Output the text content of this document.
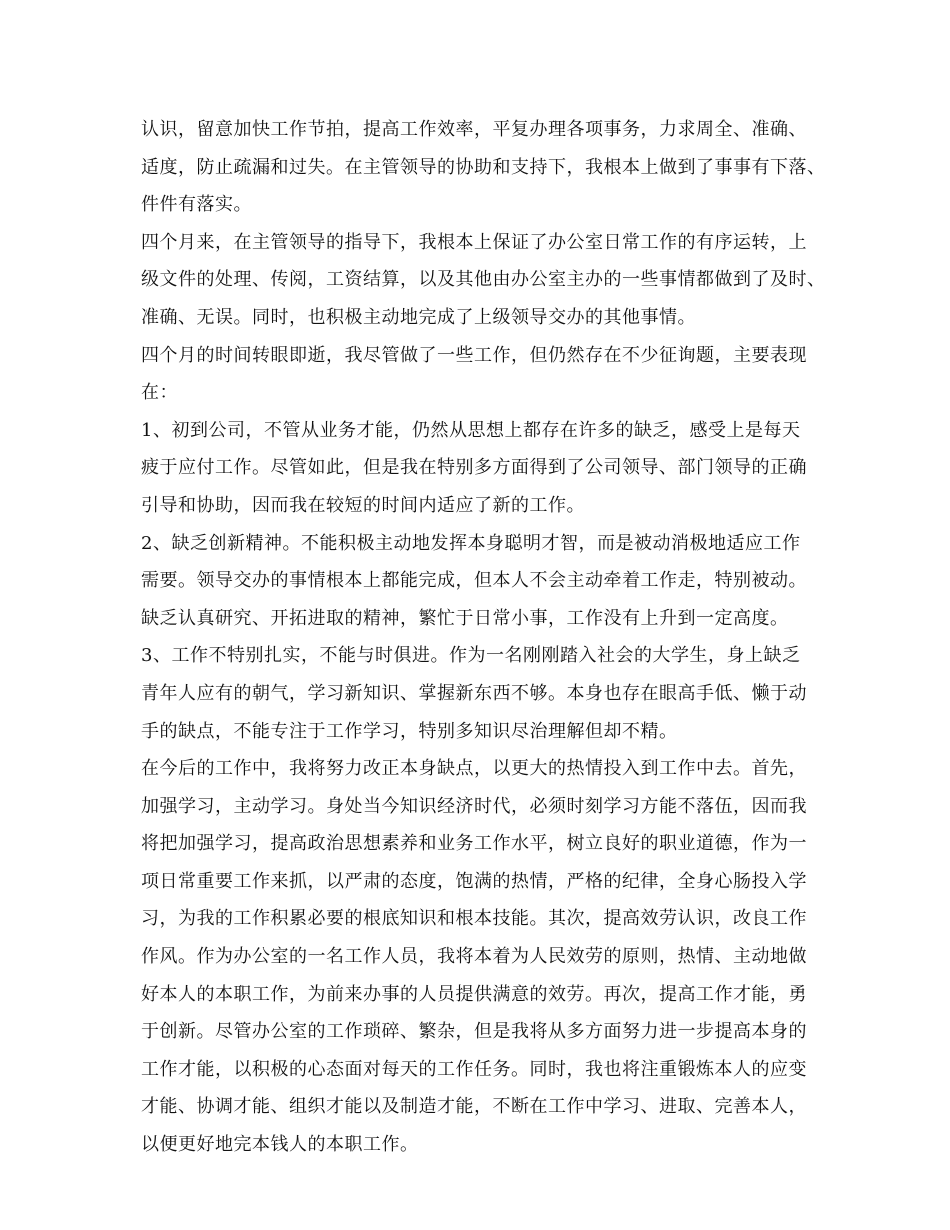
认识，留意加快工作节拍，提高工作效率，平复办理各项事务，力求周全、准确、
适度，防止疏漏和过失。在主管领导的协助和支持下，我根本上做到了事事有下落、
件件有落实。
四个月来，在主管领导的指导下，我根本上保证了办公室日常工作的有序运转，上
级文件的处理、传阅，工资结算，以及其他由办公室主办的一些事情都做到了及时、
准确、无误。同时，也积极主动地完成了上级领导交办的其他事情。
四个月的时间转眼即逝，我尽管做了一些工作，但仍然存在不少征询题，主要表现
在：
1、初到公司，不管从业务才能，仍然从思想上都存在许多的缺乏，感受上是每天
疲于应付工作。尽管如此，但是我在特别多方面得到了公司领导、部门领导的正确
引导和协助，因而我在较短的时间内适应了新的工作。
2、缺乏创新精神。不能积极主动地发挥本身聪明才智，而是被动消极地适应工作
需要。领导交办的事情根本上都能完成，但本人不会主动牵着工作走，特别被动。
缺乏认真研究、开拓进取的精神，繁忙于日常小事，工作没有上升到一定高度。
3、工作不特别扎实，不能与时俱进。作为一名刚刚踏入社会的大学生，身上缺乏
青年人应有的朝气，学习新知识、掌握新东西不够。本身也存在眼高手低、懒于动
手的缺点，不能专注于工作学习，特别多知识尽治理解但却不精。
在今后的工作中，我将努力改正本身缺点，以更大的热情投入到工作中去。首先，
加强学习，主动学习。身处当今知识经济时代，必须时刻学习方能不落伍，因而我
将把加强学习，提高政治思想素养和业务工作水平，树立良好的职业道德，作为一
项日常重要工作来抓，以严肃的态度，饱满的热情，严格的纪律，全身心肠投入学
习，为我的工作积累必要的根底知识和根本技能。其次，提高效劳认识，改良工作
作风。作为办公室的一名工作人员，我将本着为人民效劳的原则，热情、主动地做
好本人的本职工作，为前来办事的人员提供满意的效劳。再次，提高工作才能，勇
于创新。尽管办公室的工作琐碎、繁杂，但是我将从多方面努力进一步提高本身的
工作才能，以积极的心态面对每天的工作任务。同时，我也将注重锻炼本人的应变
才能、协调才能、组织才能以及制造才能，不断在工作中学习、进取、完善本人，
以便更好地完本钱人的本职工作。
